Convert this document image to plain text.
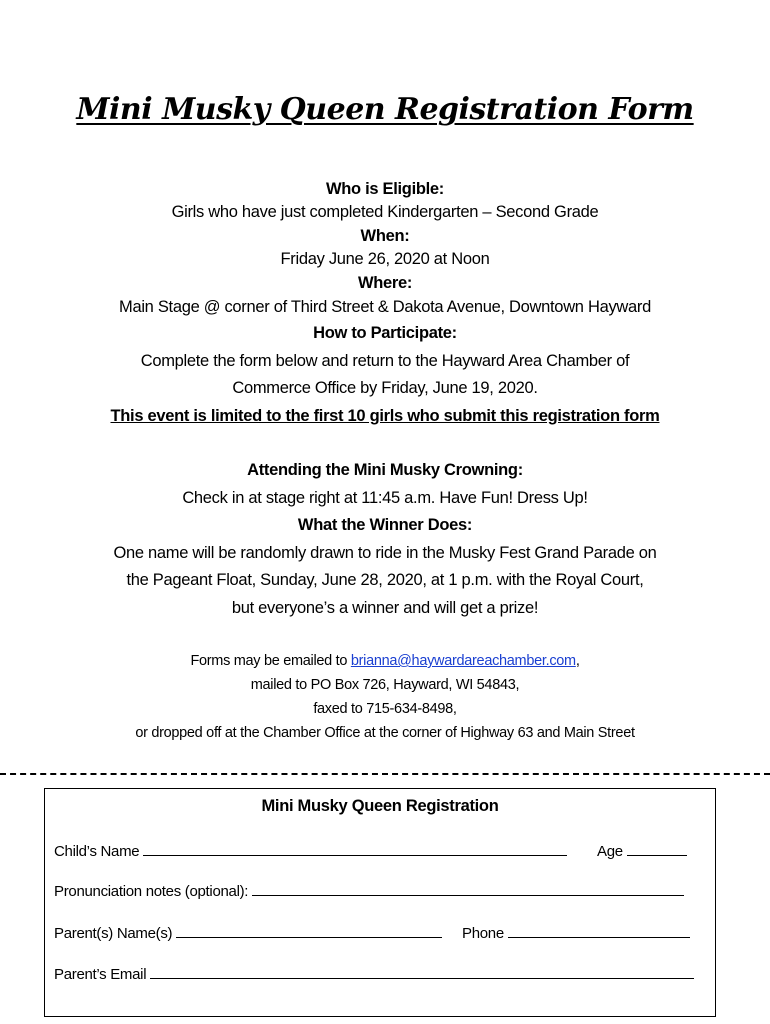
Mini Musky Queen Registration Form
Who is Eligible:
Girls who have just completed Kindergarten – Second Grade
When:
Friday June 26, 2020 at Noon
Where:
Main Stage @ corner of Third Street & Dakota Avenue, Downtown Hayward
How to Participate:
Complete the form below and return to the Hayward Area Chamber of
Commerce Office by Friday, June 19, 2020.
This event is limited to the first 10 girls who submit this registration form
Attending the Mini Musky Crowning:
Check in at stage right at 11:45 a.m. Have Fun! Dress Up!
What the Winner Does:
One name will be randomly drawn to ride in the Musky Fest Grand Parade on
the Pageant Float, Sunday, June 28, 2020, at 1 p.m. with the Royal Court,
but everyone’s a winner and will get a prize!
Forms may be emailed to brianna@haywardareachamber.com,
mailed to PO Box 726, Hayward, WI 54843,
faxed to 715-634-8498,
or dropped off at the Chamber Office at the corner of Highway 63 and Main Street
Mini Musky Queen Registration
Child’s Name	Age
Pronunciation notes (optional):
Parent(s) Name(s)	Phone
Parent’s Email
